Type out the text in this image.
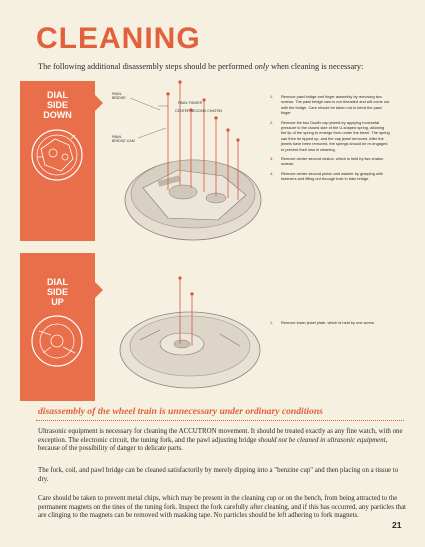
CLEANING
The following additional disassembly steps should be performed only when cleaning is necessary:
DIAL
SIDE
DOWN
PAWL
BRIDGE
PAWL FINGER
CENTER SECOND CHATON
PAWL
BRIDGE CAM
1. Remove pawl bridge and finger assembly by removing two screws. The pawl bridge cam is not threaded and will come out with the bridge. Care should be taken not to bend the pawl finger.
2. Remove the two Duofix cap jewels by applying horizontal pressure to the closed side of the U-shaped spring, allowing the lip of the spring to emerge from under the bezel. The spring can then be tipped up, and the cap jewel removed. After the jewels have been removed, the springs should be re-engaged to prevent their loss in cleaning.
3. Remove center second chaton, which is held by two chaton screws.
4. Remove center second pinion and washer by grasping with tweezers and lifting out through hole in train bridge.
DIAL
SIDE
UP
1. Remove lower jewel plate, which is held by one screw.
disassembly of the wheel train is unnecessary under ordinary conditions

Ultrasonic equipment is necessary for cleaning the ACCUTRON movement. It should be treated exactly as any fine watch, with one exception. The electronic circuit, the tuning fork, and the pawl adjusting bridge should not be cleaned in ultrasonic equipment, because of the possibility of danger to delicate parts.

The fork, coil, and pawl bridge can be cleaned satisfactorily by merely dipping into a "benzine cup" and then placing on a tissue to dry.

Care should be taken to prevent metal chips, which may be present in the cleaning cup or on the bench, from being attracted to the permanent magnets on the tines of the tuning fork. Inspect the fork carefully after cleaning, and if this has occurred, any particles that are clinging to the magnets can be removed with masking tape. No particles should be left adhering to fork magnets.

21
